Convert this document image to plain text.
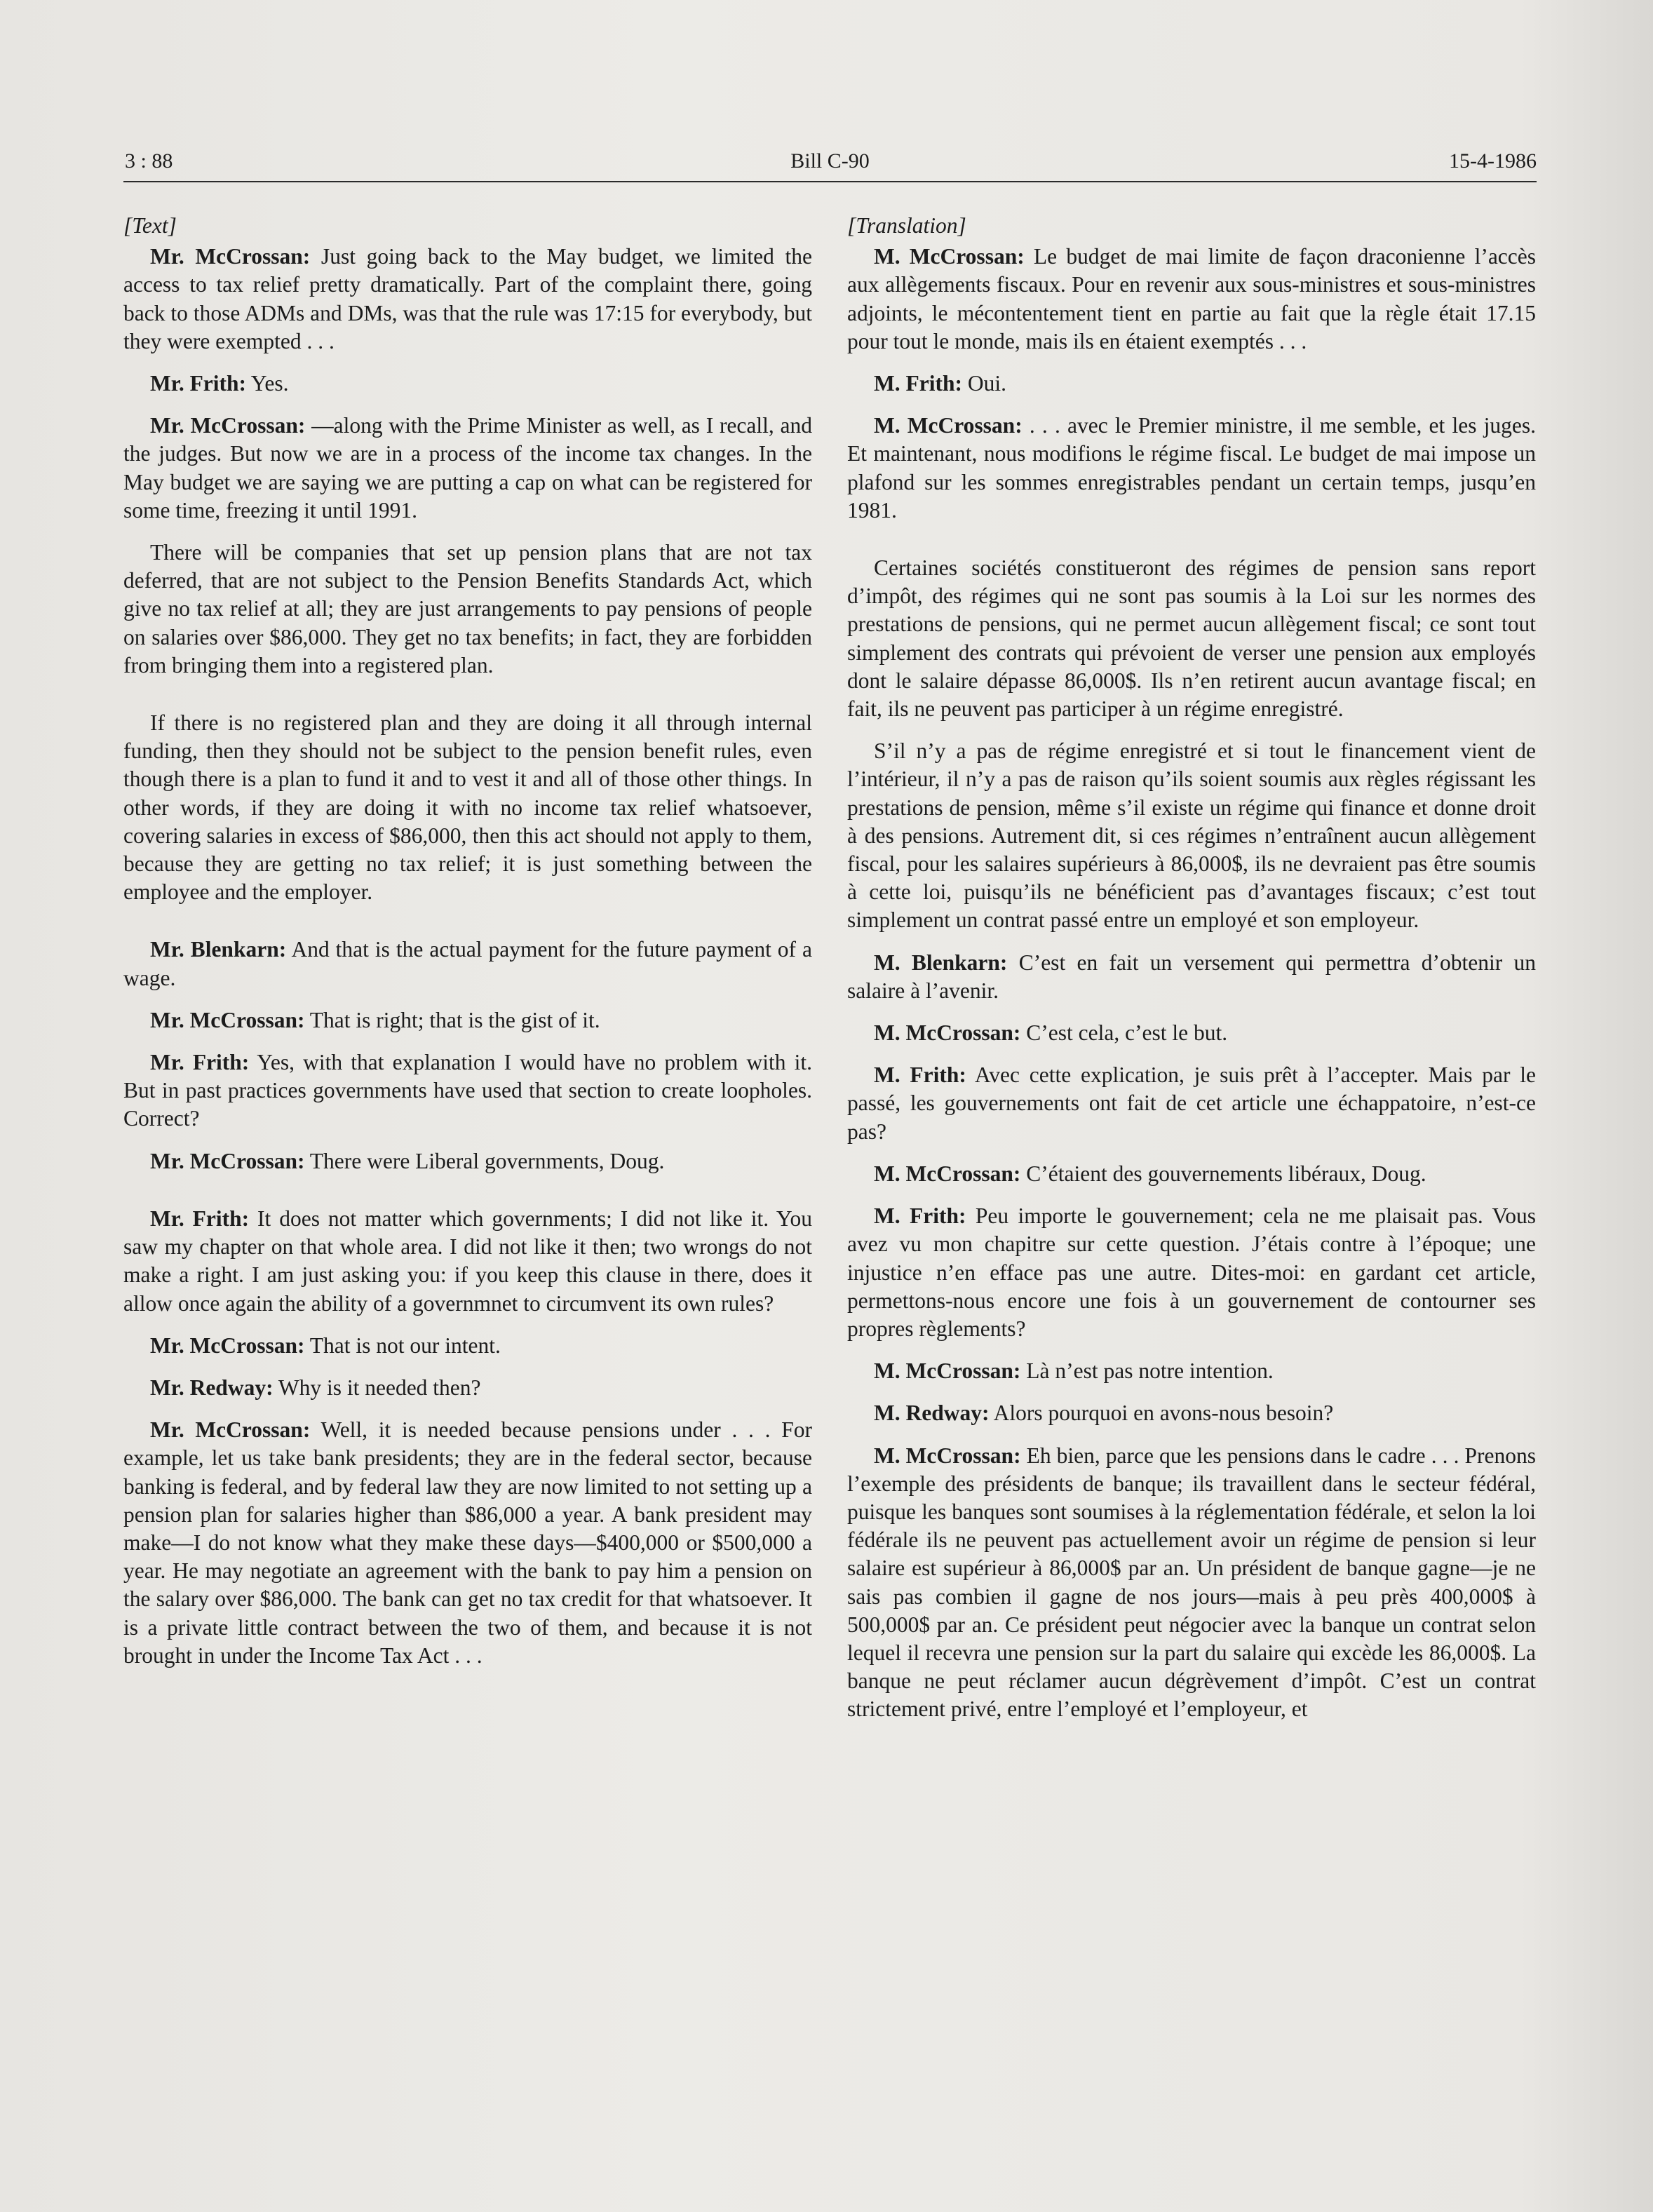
3 : 88	Bill C-90	15-4-1986
[Text]

Mr. McCrossan: Just going back to the May budget, we limited the access to tax relief pretty dramatically. Part of the complaint there, going back to those ADMs and DMs, was that the rule was 17:15 for everybody, but they were exempted . . .

Mr. Frith: Yes.

Mr. McCrossan: —along with the Prime Minister as well, as I recall, and the judges. But now we are in a process of the income tax changes. In the May budget we are saying we are putting a cap on what can be registered for some time, freezing it until 1991.

There will be companies that set up pension plans that are not tax deferred, that are not subject to the Pension Benefits Standards Act, which give no tax relief at all; they are just arrangements to pay pensions of people on salaries over $86,000. They get no tax benefits; in fact, they are forbidden from bringing them into a registered plan.

If there is no registered plan and they are doing it all through internal funding, then they should not be subject to the pension benefit rules, even though there is a plan to fund it and to vest it and all of those other things. In other words, if they are doing it with no income tax relief whatsoever, covering salaries in excess of $86,000, then this act should not apply to them, because they are getting no tax relief; it is just something between the employee and the employer.

Mr. Blenkarn: And that is the actual payment for the future payment of a wage.

Mr. McCrossan: That is right; that is the gist of it.

Mr. Frith: Yes, with that explanation I would have no problem with it. But in past practices governments have used that section to create loopholes. Correct?

Mr. McCrossan: There were Liberal governments, Doug.

Mr. Frith: It does not matter which governments; I did not like it. You saw my chapter on that whole area. I did not like it then; two wrongs do not make a right. I am just asking you: if you keep this clause in there, does it allow once again the ability of a governmnet to circumvent its own rules?

Mr. McCrossan: That is not our intent.

Mr. Redway: Why is it needed then?

Mr. McCrossan: Well, it is needed because pensions under . . . For example, let us take bank presidents; they are in the federal sector, because banking is federal, and by federal law they are now limited to not setting up a pension plan for salaries higher than $86,000 a year. A bank president may make—I do not know what they make these days—$400,000 or $500,000 a year. He may negotiate an agreement with the bank to pay him a pension on the salary over $86,000. The bank can get no tax credit for that whatsoever. It is a private little contract between the two of them, and because it is not brought in under the Income Tax Act . . .

[Translation]

M. McCrossan: Le budget de mai limite de façon draconienne l’accès aux allègements fiscaux. Pour en revenir aux sous-ministres et sous-ministres adjoints, le mécontentement tient en partie au fait que la règle était 17.15 pour tout le monde, mais ils en étaient exemptés . . .

M. Frith: Oui.

M. McCrossan: . . . avec le Premier ministre, il me semble, et les juges. Et maintenant, nous modifions le régime fiscal. Le budget de mai impose un plafond sur les sommes enregistrables pendant un certain temps, jusqu’en 1981.

Certaines sociétés constitueront des régimes de pension sans report d’impôt, des régimes qui ne sont pas soumis à la Loi sur les normes des prestations de pensions, qui ne permet aucun allègement fiscal; ce sont tout simplement des contrats qui prévoient de verser une pension aux employés dont le salaire dépasse 86,000$. Ils n’en retirent aucun avantage fiscal; en fait, ils ne peuvent pas participer à un régime enregistré.

S’il n’y a pas de régime enregistré et si tout le financement vient de l’intérieur, il n’y a pas de raison qu’ils soient soumis aux règles régissant les prestations de pension, même s’il existe un régime qui finance et donne droit à des pensions. Autrement dit, si ces régimes n’entraînent aucun allègement fiscal, pour les salaires supérieurs à 86,000$, ils ne devraient pas être soumis à cette loi, puisqu’ils ne bénéficient pas d’avantages fiscaux; c’est tout simplement un contrat passé entre un employé et son employeur.

M. Blenkarn: C’est en fait un versement qui permettra d’obtenir un salaire à l’avenir.

M. McCrossan: C’est cela, c’est le but.

M. Frith: Avec cette explication, je suis prêt à l’accepter. Mais par le passé, les gouvernements ont fait de cet article une échappatoire, n’est-ce pas?

M. McCrossan: C’étaient des gouvernements libéraux, Doug.

M. Frith: Peu importe le gouvernement; cela ne me plaisait pas. Vous avez vu mon chapitre sur cette question. J’étais contre à l’époque; une injustice n’en efface pas une autre. Dites-moi: en gardant cet article, permettons-nous encore une fois à un gouvernement de contourner ses propres règlements?

M. McCrossan: Là n’est pas notre intention.

M. Redway: Alors pourquoi en avons-nous besoin?

M. McCrossan: Eh bien, parce que les pensions dans le cadre . . . Prenons l’exemple des présidents de banque; ils travaillent dans le secteur fédéral, puisque les banques sont soumises à la réglementation fédérale, et selon la loi fédérale ils ne peuvent pas actuellement avoir un régime de pension si leur salaire est supérieur à 86,000$ par an. Un président de banque gagne—je ne sais pas combien il gagne de nos jours—mais à peu près 400,000$ à 500,000$ par an. Ce président peut négocier avec la banque un contrat selon lequel il recevra une pension sur la part du salaire qui excède les 86,000$. La banque ne peut réclamer aucun dégrèvement d’impôt. C’est un contrat strictement privé, entre l’employé et l’employeur, et
